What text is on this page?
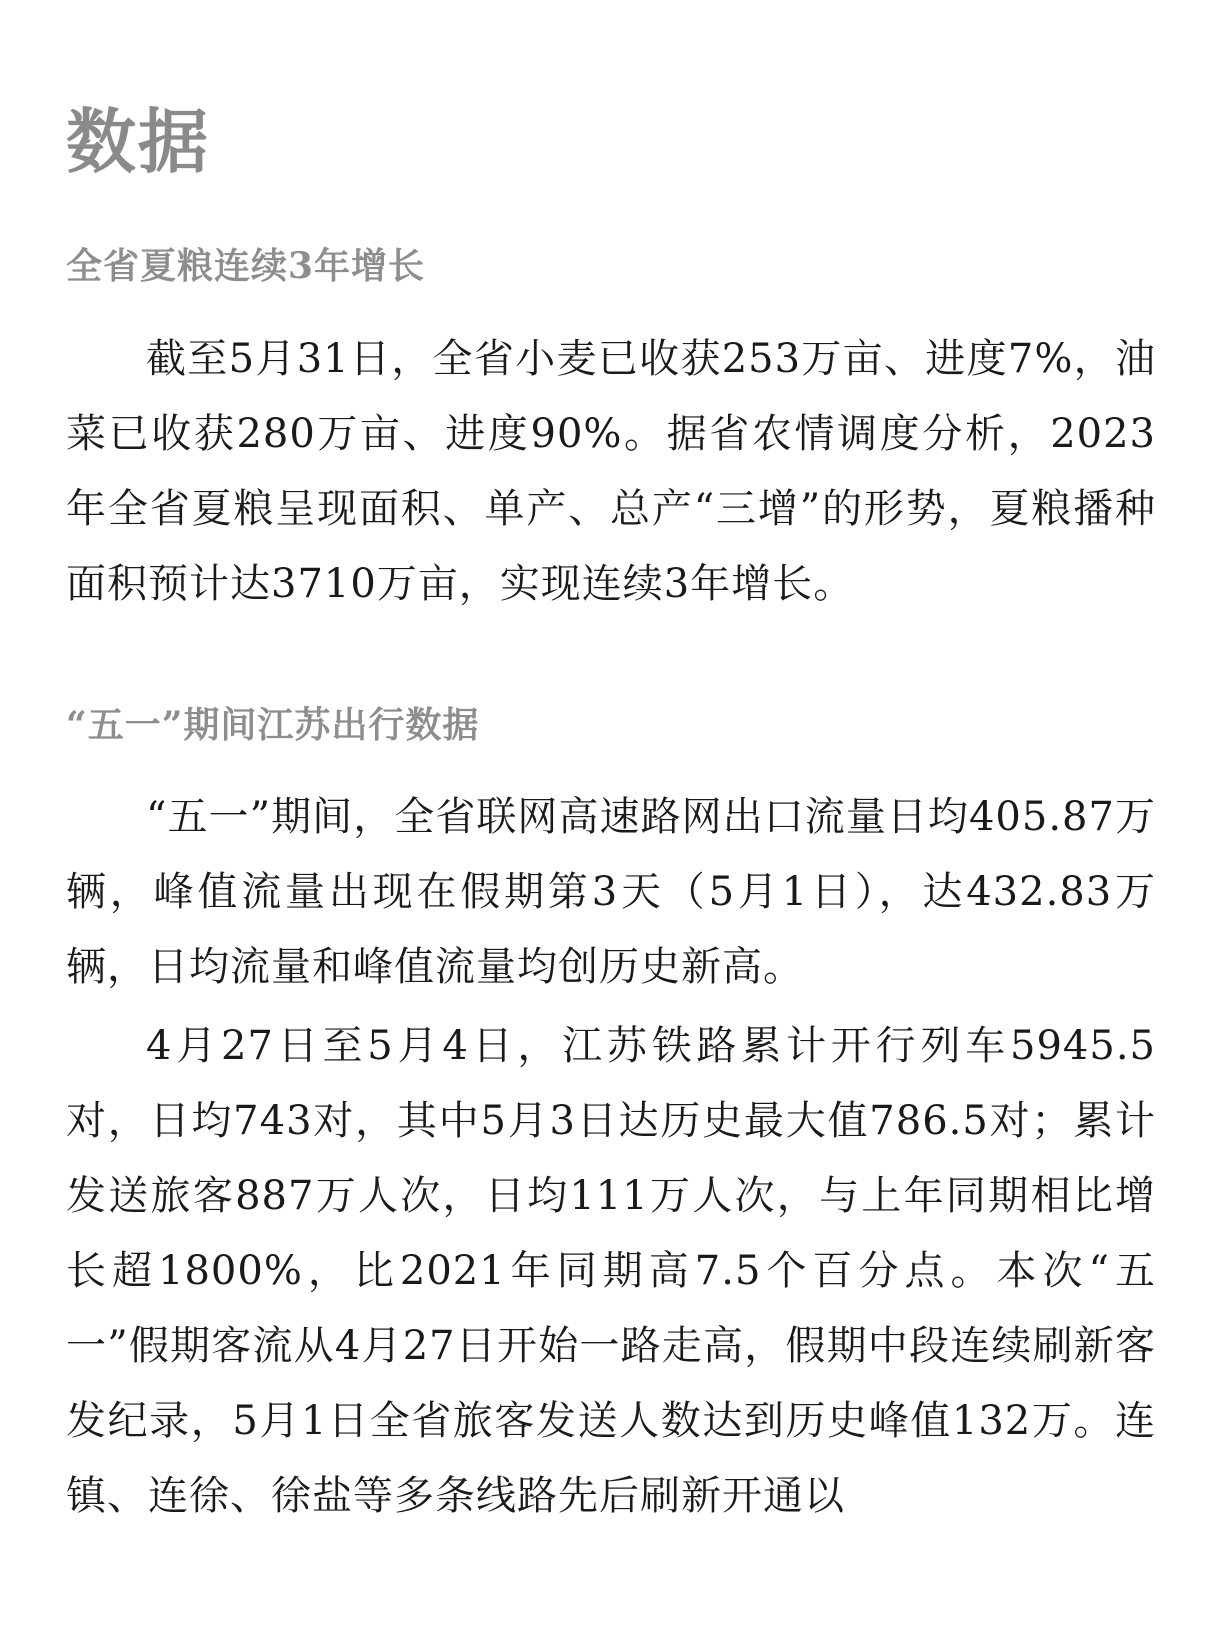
数据
全省夏粮连续3年增长

截至5月31日，全省小麦已收获253万亩、进度7%，油菜已收获280万亩、进度90%。据省农情调度分析，2023年全省夏粮呈现面积、单产、总产“三增”的形势，夏粮播种面积预计达3710万亩，实现连续3年增长。

“五一”期间江苏出行数据

“五一”期间，全省联网高速路网出口流量日均405.87万辆，峰值流量出现在假期第3天（5月1日），达432.83万辆，日均流量和峰值流量均创历史新高。

4月27日至5月4日，江苏铁路累计开行列车5945.5对，日均743对，其中5月3日达历史最大值786.5对；累计发送旅客887万人次，日均111万人次，与上年同期相比增长超1800%，比2021年同期高7.5个百分点。本次“五一”假期客流从4月27日开始一路走高，假期中段连续刷新客发纪录，5月1日全省旅客发送人数达到历史峰值132万。连镇、连徐、徐盐等多条线路先后刷新开通以
